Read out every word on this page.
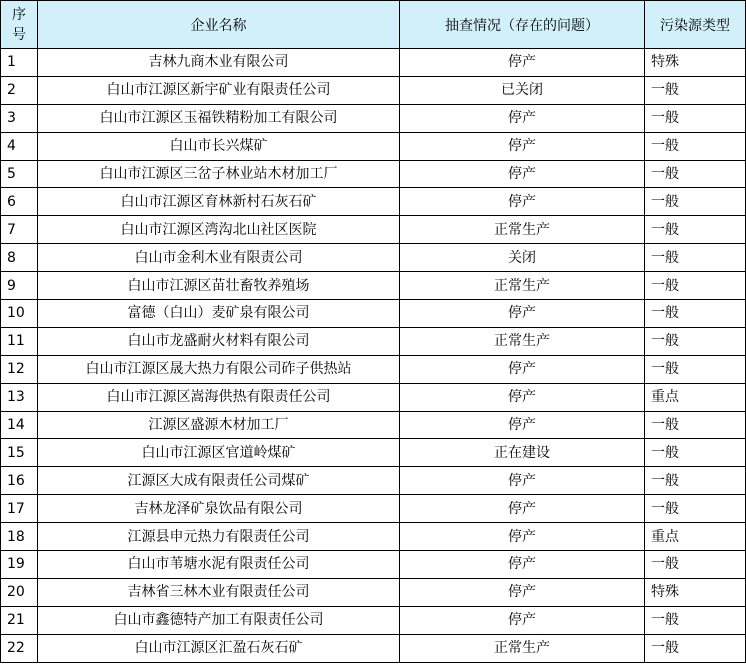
序
号	企业名称	抽查情况（存在的问题）	污染源类型
1	吉林九商木业有限公司	停产	特殊
2	白山市江源区新宇矿业有限责任公司	已关闭	一般
3	白山市江源区玉福铁精粉加工有限公司	停产	一般
4	白山市长兴煤矿	停产	一般
5	白山市江源区三岔子林业站木材加工厂	停产	一般
6	白山市江源区育林新村石灰石矿	停产	一般
7	白山市江源区湾沟北山社区医院	正常生产	一般
8	白山市金利木业有限责公司	关闭	一般
9	白山市江源区苗壮畜牧养殖场	正常生产	一般
10	富德（白山）麦矿泉有限公司	停产	一般
11	白山市龙盛耐火材料有限公司	正常生产	一般
12	白山市江源区晟大热力有限公司砟子供热站	停产	一般
13	白山市江源区嵩海供热有限责任公司	停产	重点
14	江源区盛源木材加工厂	停产	一般
15	白山市江源区官道岭煤矿	正在建设	一般
16	江源区大成有限责任公司煤矿	停产	一般
17	吉林龙泽矿泉饮品有限公司	停产	一般
18	江源县申元热力有限责任公司	停产	重点
19	白山市苇塘水泥有限责任公司	停产	一般
20	吉林省三林木业有限责任公司	停产	特殊
21	白山市鑫德特产加工有限责任公司	停产	一般
22	白山市江源区汇盈石灰石矿	正常生产	一般
